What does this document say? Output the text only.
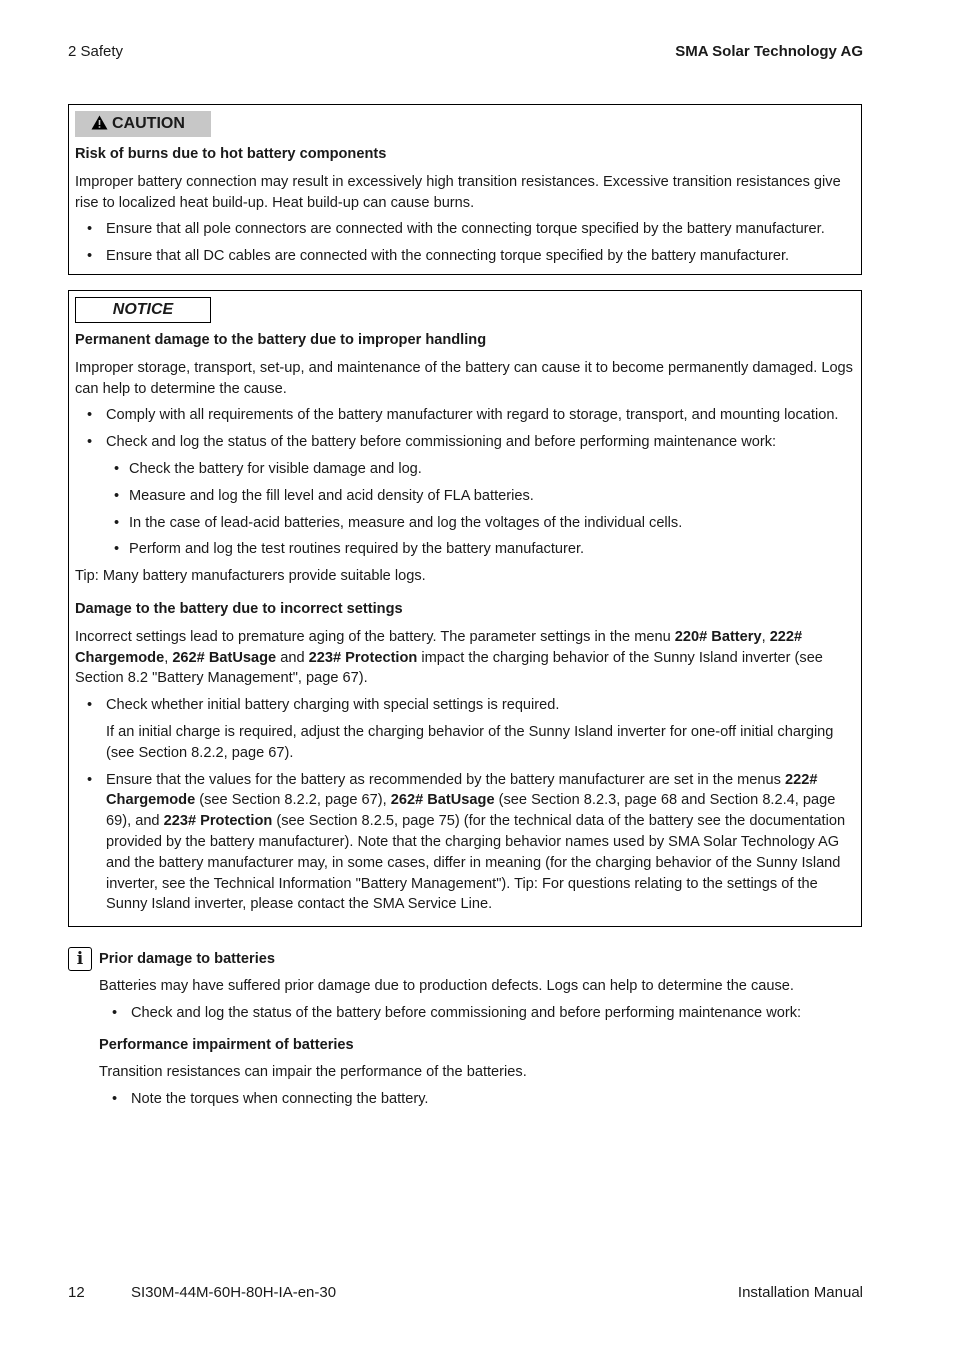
2 Safety	SMA Solar Technology AG
CAUTION
Risk of burns due to hot battery components
Improper battery connection may result in excessively high transition resistances. Excessive transition resistances give rise to localized heat build-up. Heat build-up can cause burns.
• Ensure that all pole connectors are connected with the connecting torque specified by the battery manufacturer.
• Ensure that all DC cables are connected with the connecting torque specified by the battery manufacturer.
NOTICE
Permanent damage to the battery due to improper handling
Improper storage, transport, set-up, and maintenance of the battery can cause it to become permanently damaged. Logs can help to determine the cause.
• Comply with all requirements of the battery manufacturer with regard to storage, transport, and mounting location.
• Check and log the status of the battery before commissioning and before performing maintenance work:
• Check the battery for visible damage and log.
• Measure and log the fill level and acid density of FLA batteries.
• In the case of lead-acid batteries, measure and log the voltages of the individual cells.
• Perform and log the test routines required by the battery manufacturer.
Tip: Many battery manufacturers provide suitable logs.
Damage to the battery due to incorrect settings
Incorrect settings lead to premature aging of the battery. The parameter settings in the menu 220# Battery, 222# Chargemode, 262# BatUsage and 223# Protection impact the charging behavior of the Sunny Island inverter (see Section 8.2 "Battery Management", page 67).
• Check whether initial battery charging with special settings is required.
If an initial charge is required, adjust the charging behavior of the Sunny Island inverter for one-off initial charging (see Section 8.2.2, page 67).
• Ensure that the values for the battery as recommended by the battery manufacturer are set in the menus 222# Chargemode (see Section 8.2.2, page 67), 262# BatUsage (see Section 8.2.3, page 68 and Section 8.2.4, page 69), and 223# Protection (see Section 8.2.5, page 75) (for the technical data of the battery see the documentation provided by the battery manufacturer). Note that the charging behavior names used by SMA Solar Technology AG and the battery manufacturer may, in some cases, differ in meaning (for the charging behavior of the Sunny Island inverter, see the Technical Information "Battery Management"). Tip: For questions relating to the settings of the Sunny Island inverter, please contact the SMA Service Line.
i	Prior damage to batteries
Batteries may have suffered prior damage due to production defects. Logs can help to determine the cause.
• Check and log the status of the battery before commissioning and before performing maintenance work:
Performance impairment of batteries
Transition resistances can impair the performance of the batteries.
• Note the torques when connecting the battery.
12	SI30M-44M-60H-80H-IA-en-30	Installation Manual
